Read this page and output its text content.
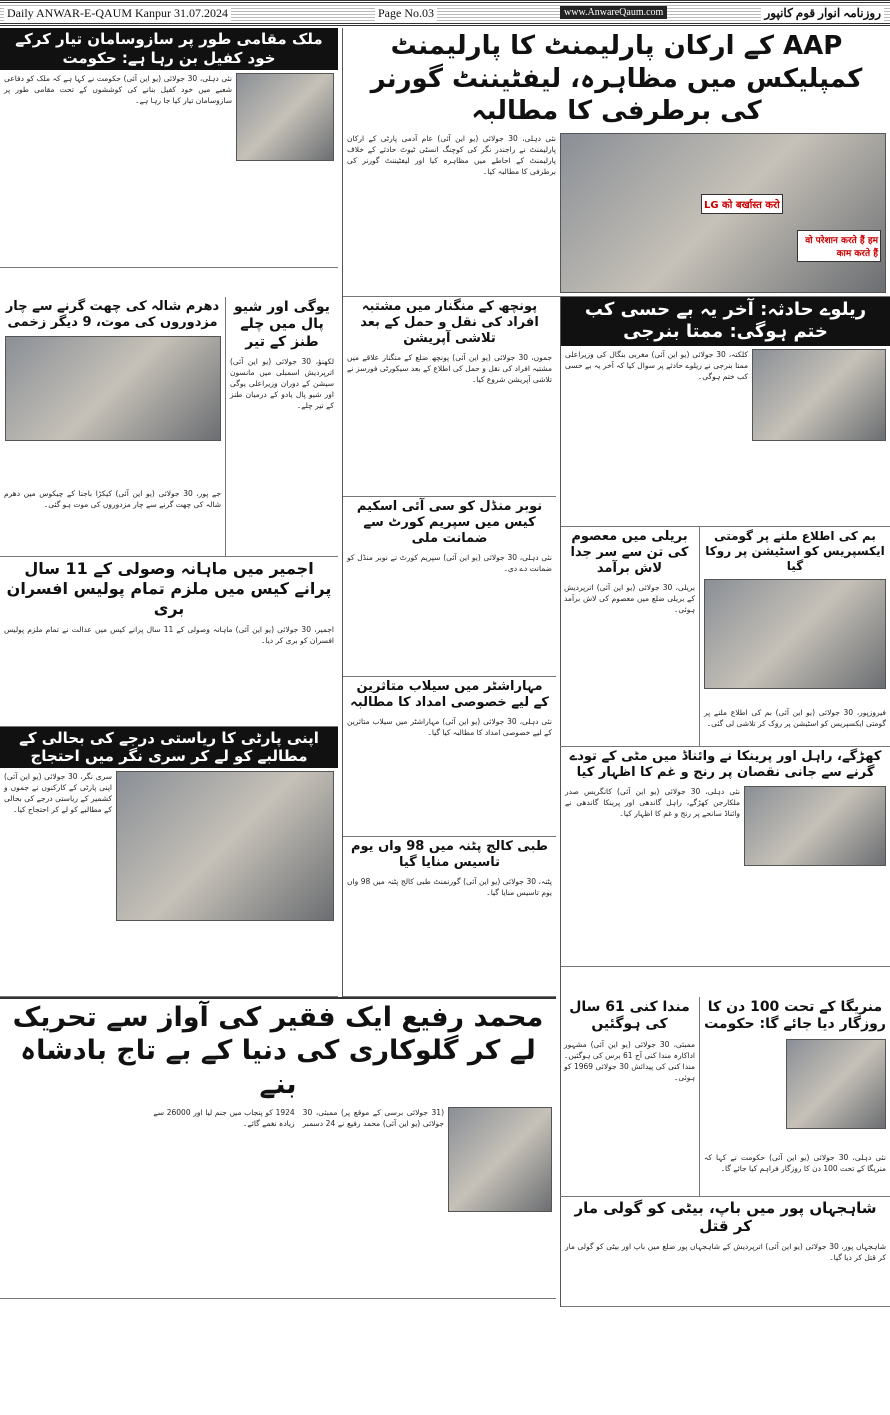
Daily ANWAR-E-QAUM Kanpur 31.07.2024	Page No.03	www.AnwareQaum.com	روزنامہ انوار قوم کانپور
ملک مقامی طور پر سازوسامان تیار کرکے خود کفیل بن رہا ہے: حکومت
نئی دہلی، 30 جولائی (یو این آئی) حکومت نے کہا ہے کہ ملک کو دفاعی شعبے میں خود کفیل بنانے کی کوششوں کے تحت مقامی طور پر سازوسامان تیار کیا جا رہا ہے۔
AAP کے ارکان پارلیمنٹ کا پارلیمنٹ کمپلیکس میں مظاہرہ، لیفٹیننٹ گورنر کی برطرفی کا مطالبہ
LG को बर्खास्त करो
वो परेशान करते हैं हम काम करते हैं
نئی دہلی، 30 جولائی (یو این آئی) عام آدمی پارٹی کے ارکان پارلیمنٹ نے راجندر نگر کی کوچنگ انسٹی ٹیوٹ حادثے کے خلاف پارلیمنٹ کے احاطے میں مظاہرہ کیا اور لیفٹیننٹ گورنر کی برطرفی کا مطالبہ کیا۔
یوگی اور شیو پال میں چلے طنز کے تیر
لکھنؤ، 30 جولائی (یو این آئی) اترپردیش اسمبلی میں مانسون سیشن کے دوران وزیراعلی یوگی اور شیو پال یادو کے درمیان طنز کے تیر چلے۔
دھرم شالہ کی چھت گرنے سے چار مزدوروں کی موت، 9 دیگر زخمی
جے پور، 30 جولائی (یو این آئی) کیکڑا باجنا کے چیکوس میں دھرم شالہ کی چھت گرنے سے چار مزدوروں کی موت ہو گئی۔
اجمیر میں ماہانہ وصولی کے 11 سال پرانے کیس میں ملزم تمام پولیس افسران بری
اجمیر، 30 جولائی (یو این آئی) ماہانہ وصولی کے 11 سال پرانے کیس میں عدالت نے تمام ملزم پولیس افسران کو بری کر دیا۔
اپنی پارٹی کا ریاستی درجے کی بحالی کے مطالبے کو لے کر سری نگر میں احتجاج
سری نگر، 30 جولائی (یو این آئی) اپنی پارٹی کے کارکنوں نے جموں و کشمیر کے ریاستی درجے کی بحالی کے مطالبے کو لے کر احتجاج کیا۔
پونچھ کے منگنار میں مشتبہ افراد کی نقل و حمل کے بعد تلاشی آپریشن
جموں، 30 جولائی (یو این آئی) پونچھ ضلع کے منگنار علاقے میں مشتبہ افراد کی نقل و حمل کی اطلاع کے بعد سیکورٹی فورسز نے تلاشی آپریشن شروع کیا۔
نوبر منڈل کو سی آئی اسکیم کیس میں سپریم کورٹ سے ضمانت ملی
نئی دہلی، 30 جولائی (یو این آئی) سپریم کورٹ نے نوبر منڈل کو ضمانت دے دی۔
مہاراشٹر میں سیلاب متاثرین کے لیے خصوصی امداد کا مطالبہ
نئی دہلی، 30 جولائی (یو این آئی) مہاراشٹر میں سیلاب متاثرین کے لیے خصوصی امداد کا مطالبہ کیا گیا۔
طبی کالج پٹنہ میں 98 واں یوم تاسیس منایا گیا
پٹنہ، 30 جولائی (یو این آئی) گورنمنٹ طبی کالج پٹنہ میں 98 واں یوم تاسیس منایا گیا۔
ریلوے حادثہ: آخر یہ بے حسی کب ختم ہوگی: ممتا بنرجی
کلکتہ، 30 جولائی (یو این آئی) مغربی بنگال کی وزیراعلی ممتا بنرجی نے ریلوے حادثے پر سوال کیا کہ آخر یہ بے حسی کب ختم ہوگی۔
بم کی اطلاع ملنے پر گومتی ایکسپریس کو اسٹیشن پر روکا گیا
فیروزپور، 30 جولائی (یو این آئی) بم کی اطلاع ملنے پر گومتی ایکسپریس کو اسٹیشن پر روک کر تلاشی لی گئی۔
بریلی میں معصوم کی تن سے سر جدا لاش برآمد
بریلی، 30 جولائی (یو این آئی) اترپردیش کے بریلی ضلع میں معصوم کی لاش برآمد ہوئی۔
کھڑگے، راہل اور پرینکا نے وائناڈ میں مٹی کے تودے گرنے سے جانی نقصان پر رنج و غم کا اظہار کیا
نئی دہلی، 30 جولائی (یو این آئی) کانگریس صدر ملکارجن کھڑگے، راہل گاندھی اور پرینکا گاندھی نے وائناڈ سانحے پر رنج و غم کا اظہار کیا۔
محمد رفیع ایک فقیر کی آواز سے تحریک لے کر گلوکاری کی دنیا کے بے تاج بادشاہ بنے
(31 جولائی برسی کے موقع پر) ممبئی، 30 جولائی (یو این آئی) محمد رفیع نے 24 دسمبر 1924 کو پنجاب میں جنم لیا اور 26000 سے زیادہ نغمے گائے۔
منریگا کے تحت 100 دن کا روزگار دیا جائے گا: حکومت
نئی دہلی، 30 جولائی (یو این آئی) حکومت نے کہا کہ منریگا کے تحت 100 دن کا روزگار فراہم کیا جائے گا۔
مندا کنی 61 سال کی ہوگئیں
ممبئی، 30 جولائی (یو این آئی) مشہور اداکارہ مندا کنی آج 61 برس کی ہوگئیں۔ مندا کنی کی پیدائش 30 جولائی 1969 کو ہوئی۔
شاہجہاں پور میں باپ، بیٹی کو گولی مار کر قتل
شاہجہاں پور، 30 جولائی (یو این آئی) اترپردیش کے شاہجہاں پور ضلع میں باپ اور بیٹی کو گولی مار کر قتل کر دیا گیا۔
